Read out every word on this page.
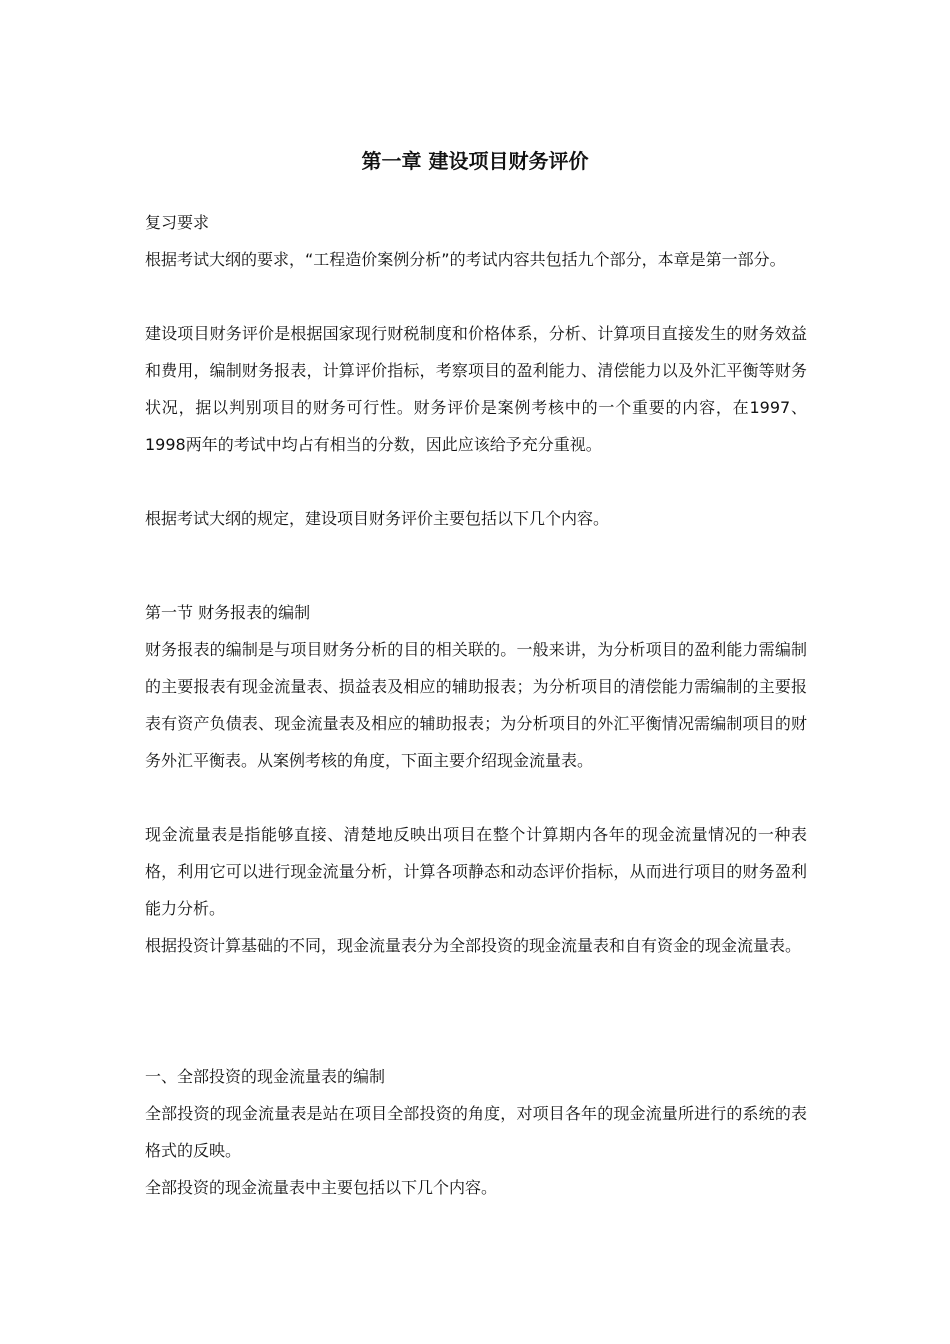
第一章 建设项目财务评价

复习要求

根据考试大纲的要求，“工程造价案例分析”的考试内容共包括九个部分，本章是第一部分。

建设项目财务评价是根据国家现行财税制度和价格体系，分析、计算项目直接发生的财务效益和费用，编制财务报表，计算评价指标，考察项目的盈利能力、清偿能力以及外汇平衡等财务状况，据以判别项目的财务可行性。财务评价是案例考核中的一个重要的内容，在1997、1998两年的考试中均占有相当的分数，因此应该给予充分重视。

根据考试大纲的规定，建设项目财务评价主要包括以下几个内容。

第一节 财务报表的编制

财务报表的编制是与项目财务分析的目的相关联的。一般来讲，为分析项目的盈利能力需编制的主要报表有现金流量表、损益表及相应的辅助报表；为分析项目的清偿能力需编制的主要报表有资产负债表、现金流量表及相应的辅助报表；为分析项目的外汇平衡情况需编制项目的财务外汇平衡表。从案例考核的角度，下面主要介绍现金流量表。

现金流量表是指能够直接、清楚地反映出项目在整个计算期内各年的现金流量情况的一种表格，利用它可以进行现金流量分析，计算各项静态和动态评价指标，从而进行项目的财务盈利能力分析。

根据投资计算基础的不同，现金流量表分为全部投资的现金流量表和自有资金的现金流量表。

一、全部投资的现金流量表的编制

全部投资的现金流量表是站在项目全部投资的角度，对项目各年的现金流量所进行的系统的表格式的反映。

全部投资的现金流量表中主要包括以下几个内容。
